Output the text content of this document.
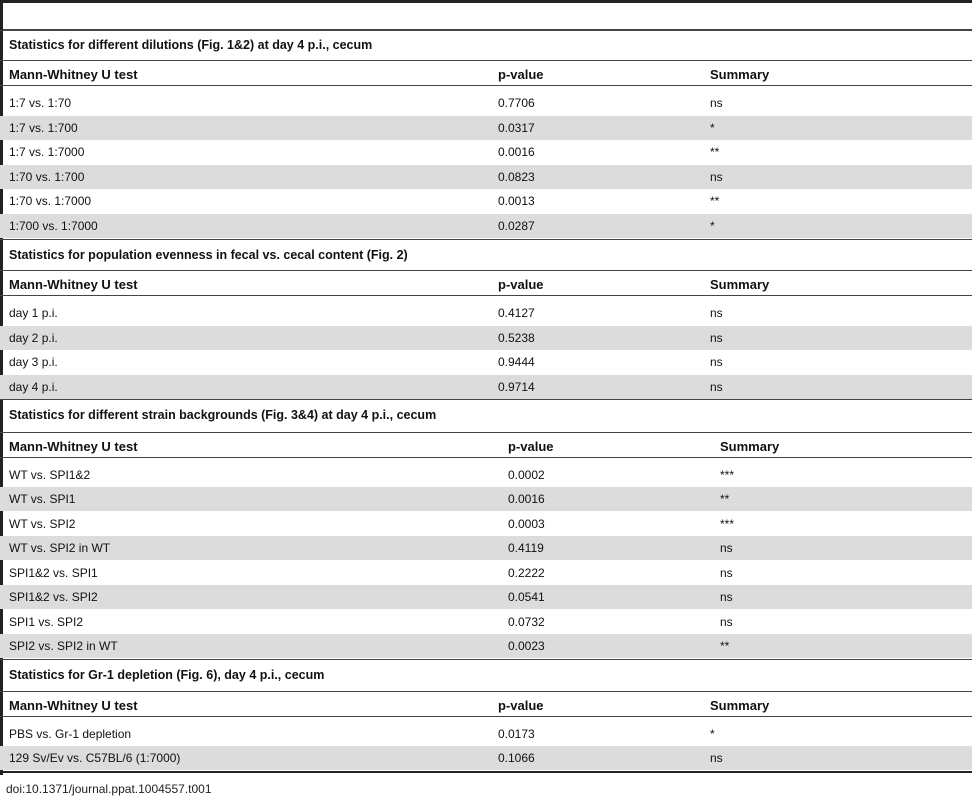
Statistics for different dilutions (Fig. 1&2) at day 4 p.i., cecum
Mann-Whitney U test	p-value	Summary
1:7 vs. 1:70	0.7706	ns
1:7 vs. 1:700	0.0317	*
1:7 vs. 1:7000	0.0016	**
1:70 vs. 1:700	0.0823	ns
1:70 vs. 1:7000	0.0013	**
1:700 vs. 1:7000	0.0287	*
Statistics for population evenness in fecal vs. cecal content (Fig. 2)
Mann-Whitney U test	p-value	Summary
day 1 p.i.	0.4127	ns
day 2 p.i.	0.5238	ns
day 3 p.i.	0.9444	ns
day 4 p.i.	0.9714	ns
Statistics for different strain backgrounds (Fig. 3&4) at day 4 p.i., cecum
Mann-Whitney U test	p-value	Summary
WT vs. SPI1&2	0.0002	***
WT vs. SPI1	0.0016	**
WT vs. SPI2	0.0003	***
WT vs. SPI2 in WT	0.4119	ns
SPI1&2 vs. SPI1	0.2222	ns
SPI1&2 vs. SPI2	0.0541	ns
SPI1 vs. SPI2	0.0732	ns
SPI2 vs. SPI2 in WT	0.0023	**
Statistics for Gr-1 depletion (Fig. 6), day 4 p.i., cecum
Mann-Whitney U test	p-value	Summary
PBS vs. Gr-1 depletion	0.0173	*
129 Sv/Ev vs. C57BL/6 (1:7000)	0.1066	ns
doi:10.1371/journal.ppat.1004557.t001
